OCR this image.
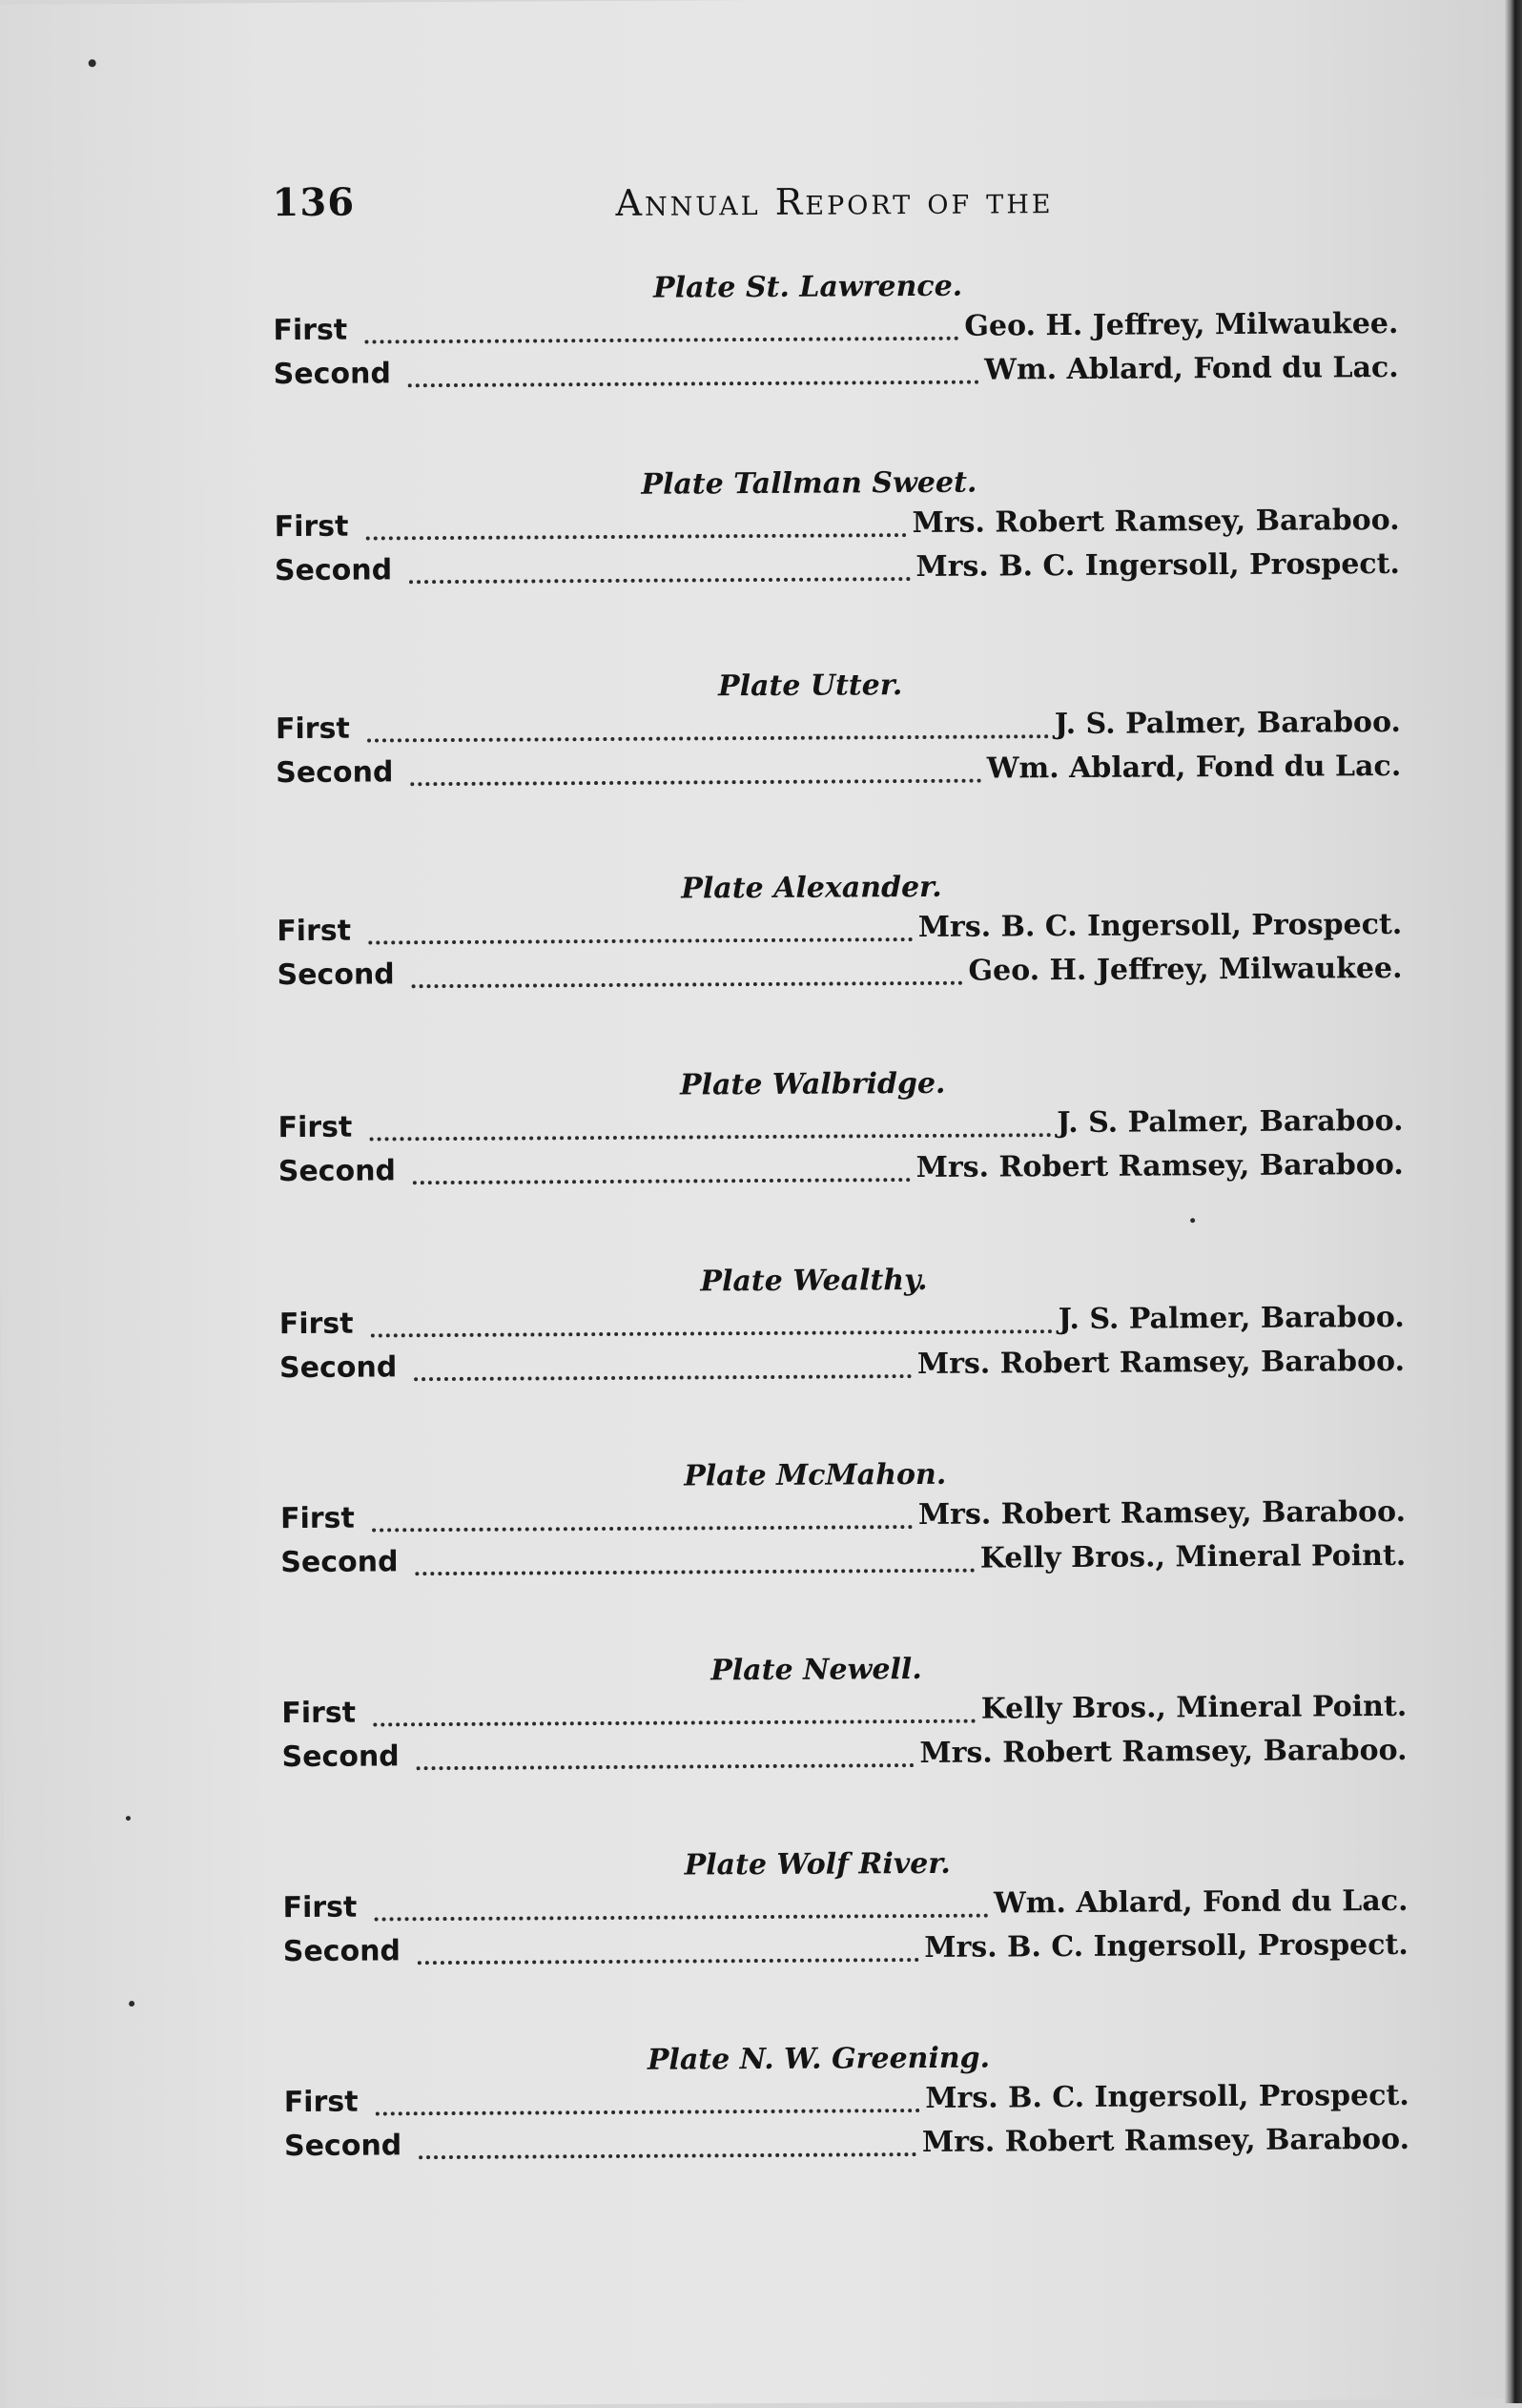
136	Annual Report of the
Plate St. Lawrence.
First	Geo. H. Jeffrey, Milwaukee.
Second	Wm. Ablard, Fond du Lac.
Plate Tallman Sweet.
First	Mrs. Robert Ramsey, Baraboo.
Second	Mrs. B. C. Ingersoll, Prospect.
Plate Utter.
First	J. S. Palmer, Baraboo.
Second	Wm. Ablard, Fond du Lac.
Plate Alexander.
First	Mrs. B. C. Ingersoll, Prospect.
Second	Geo. H. Jeffrey, Milwaukee.
Plate Walbridge.
First	J. S. Palmer, Baraboo.
Second	Mrs. Robert Ramsey, Baraboo.
Plate Wealthy.
First	J. S. Palmer, Baraboo.
Second	Mrs. Robert Ramsey, Baraboo.
Plate McMahon.
First	Mrs. Robert Ramsey, Baraboo.
Second	Kelly Bros., Mineral Point.
Plate Newell.
First	Kelly Bros., Mineral Point.
Second	Mrs. Robert Ramsey, Baraboo.
Plate Wolf River.
First	Wm. Ablard, Fond du Lac.
Second	Mrs. B. C. Ingersoll, Prospect.
Plate N. W. Greening.
First	Mrs. B. C. Ingersoll, Prospect.
Second	Mrs. Robert Ramsey, Baraboo.
